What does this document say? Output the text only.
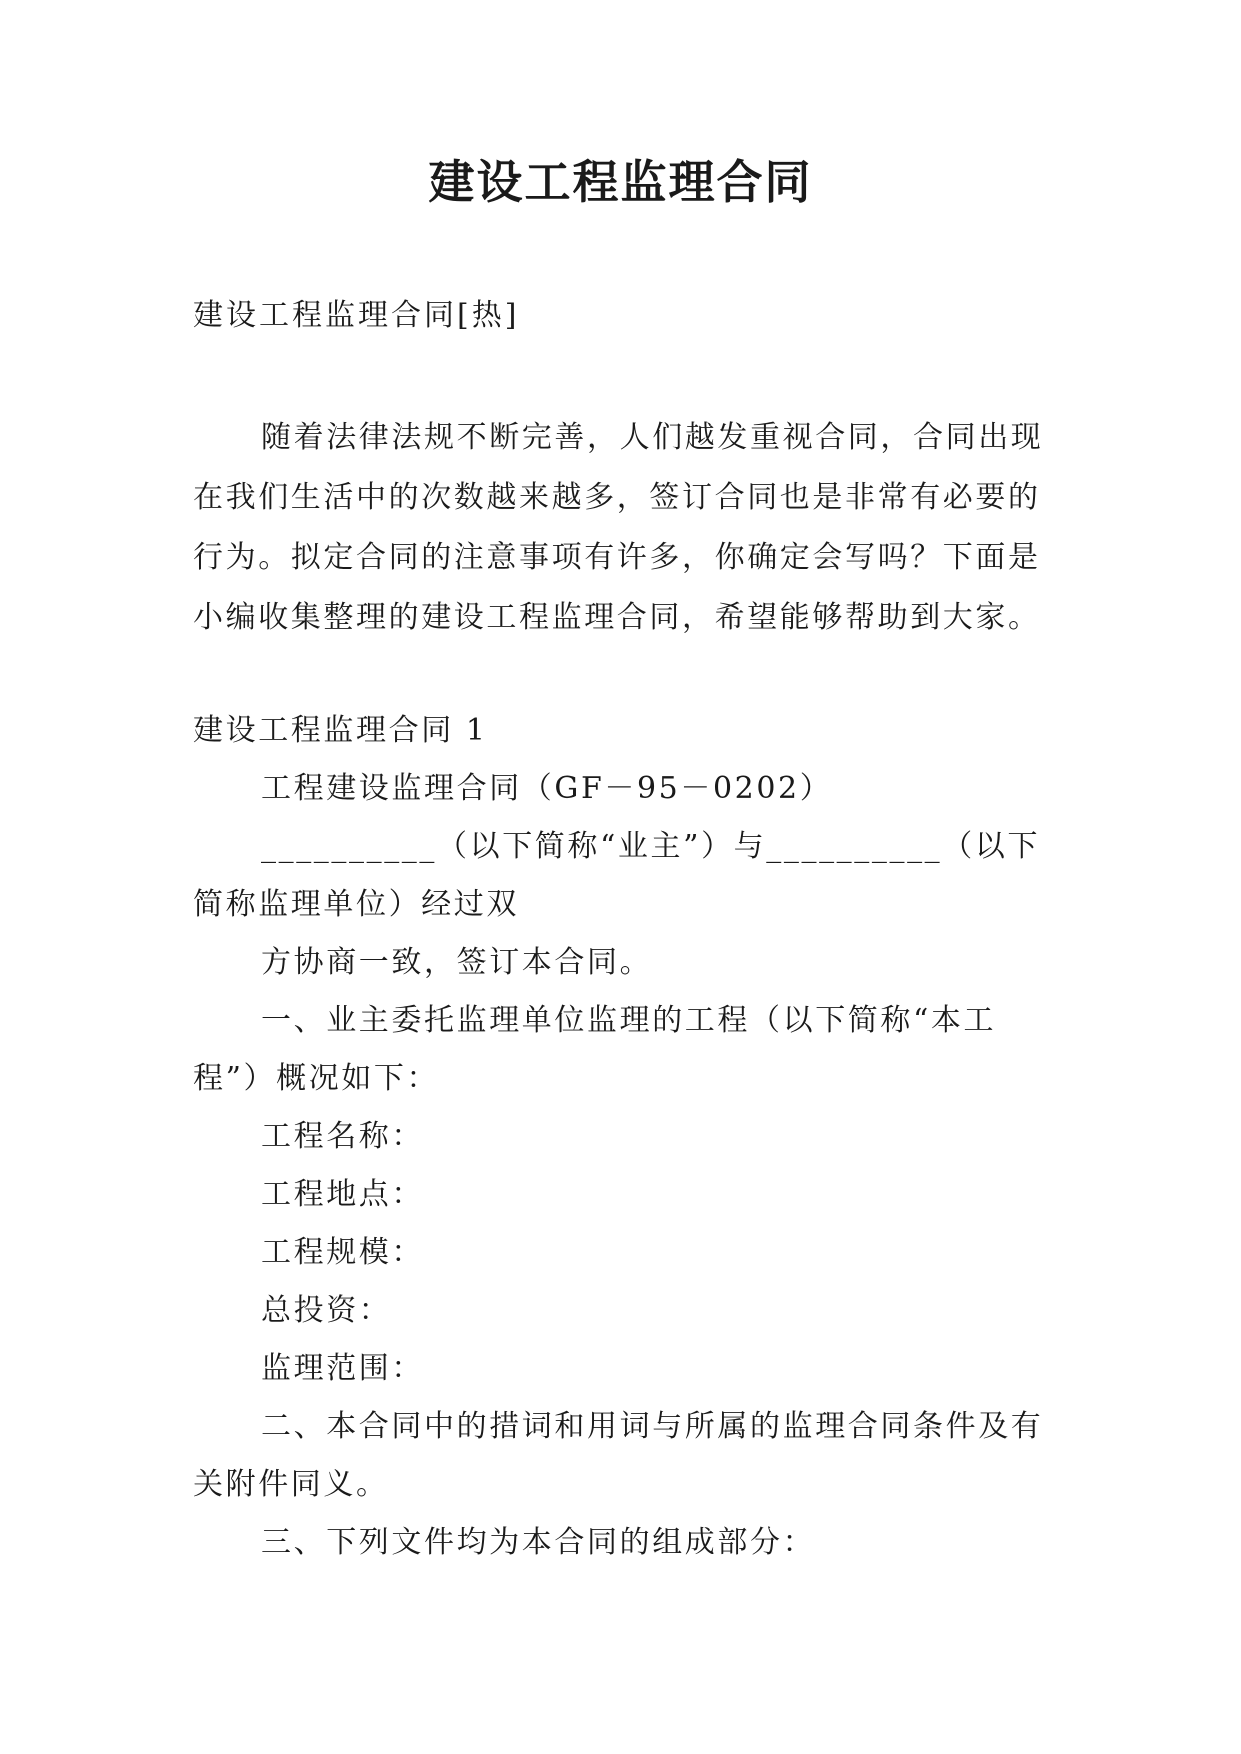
建设工程监理合同
建设工程监理合同[热]

随着法律法规不断完善，人们越发重视合同，合同出现在我们生活中的次数越来越多，签订合同也是非常有必要的行为。拟定合同的注意事项有许多，你确定会写吗？下面是小编收集整理的建设工程监理合同，希望能够帮助到大家。

建设工程监理合同 1

工程建设监理合同（GF－95－0202）

__________（以下简称“业主”）与__________（以下简称监理单位）经过双

方协商一致，签订本合同。

一、业主委托监理单位监理的工程（以下简称“本工程”）概况如下：

工程名称：

工程地点：

工程规模：

总投资：

监理范围：

二、本合同中的措词和用词与所属的监理合同条件及有关附件同义。

三、下列文件均为本合同的组成部分：
